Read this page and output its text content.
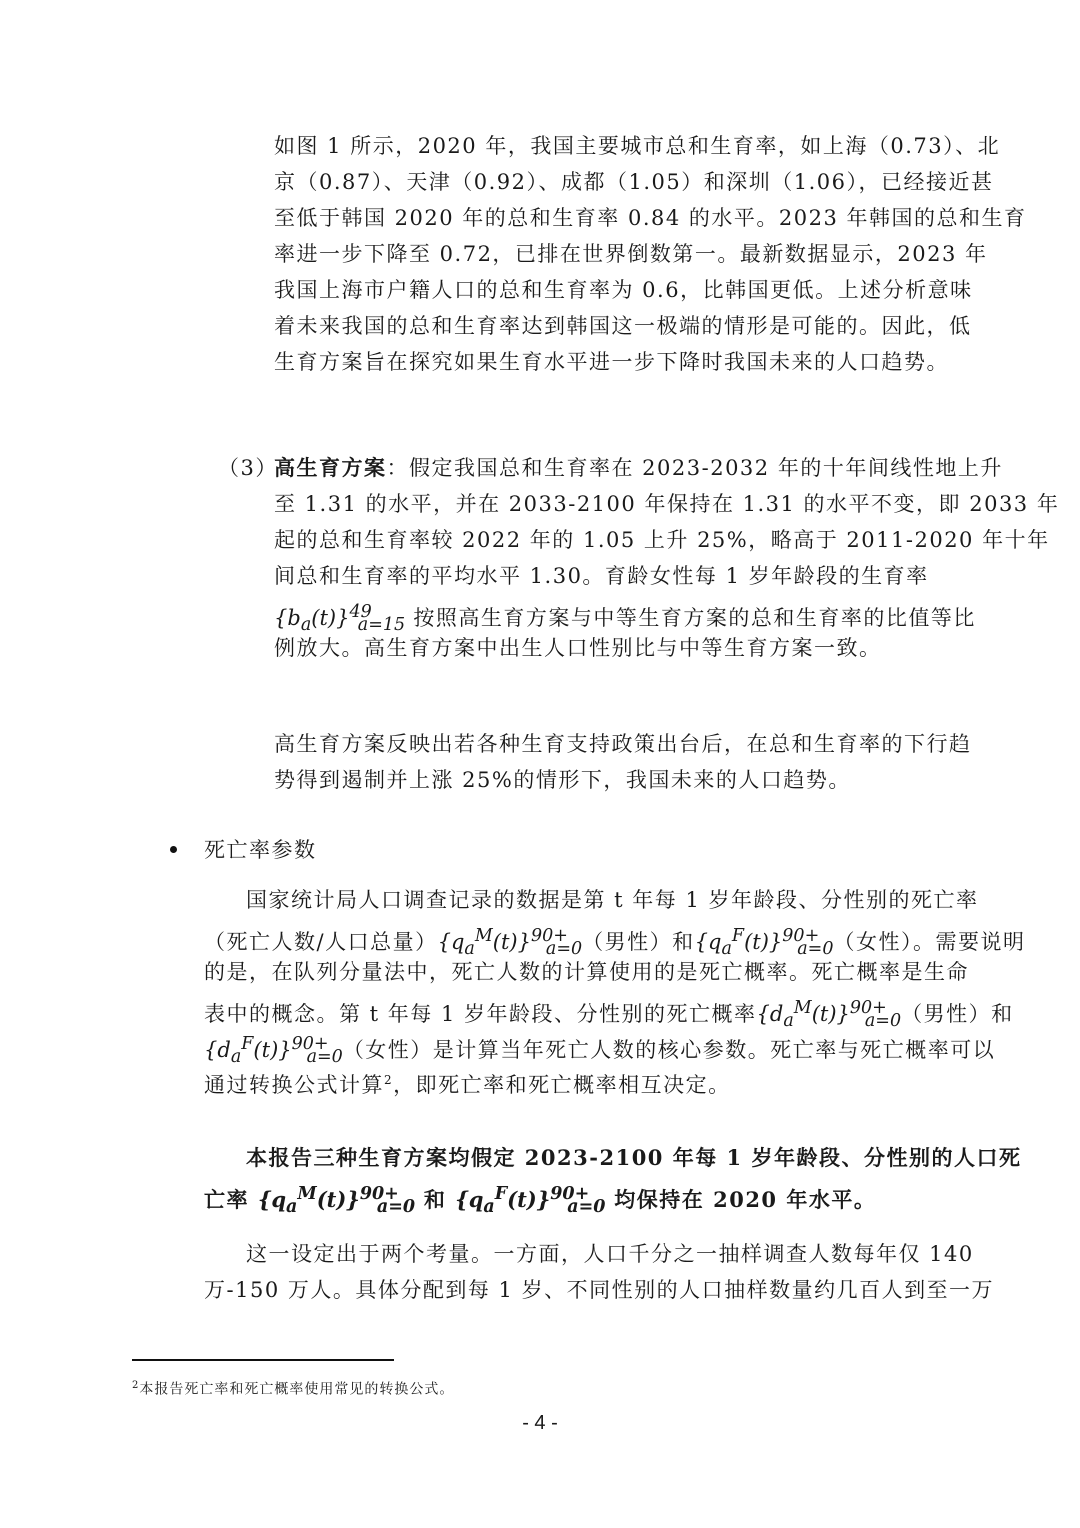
如图 1 所示，2020 年，我国主要城市总和生育率，如上海（0.73）、北
京（0.87）、天津（0.92）、成都（1.05）和深圳（1.06），已经接近甚
至低于韩国 2020 年的总和生育率 0.84 的水平。2023 年韩国的总和生育
率进一步下降至 0.72，已排在世界倒数第一。最新数据显示，2023 年
我国上海市户籍人口的总和生育率为 0.6，比韩国更低。上述分析意味
着未来我国的总和生育率达到韩国这一极端的情形是可能的。因此，低
生育方案旨在探究如果生育水平进一步下降时我国未来的人口趋势。
（3）
高生育方案：假定我国总和生育率在 2023-2032 年的十年间线性地上升
至 1.31 的水平，并在 2033-2100 年保持在 1.31 的水平不变，即 2033 年
起的总和生育率较 2022 年的 1.05 上升 25%，略高于 2011-2020 年十年
间总和生育率的平均水平 1.30。育龄女性每 1 岁年龄段的生育率
$\{b_a(t)\}^{49}_{a=15}$ 按照高生育方案与中等生育方案的总和生育率的比值等比
例放大。高生育方案中出生人口性别比与中等生育方案一致。
高生育方案反映出若各种生育支持政策出台后，在总和生育率的下行趋
势得到遏制并上涨 25%的情形下，我国未来的人口趋势。
死亡率参数
国家统计局人口调查记录的数据是第 t 年每 1 岁年龄段、分性别的死亡率
（死亡人数/人口总量）$\{q_a^M(t)\}^{90+}_{a=0}$（男性）和$\{q_a^F(t)\}^{90+}_{a=0}$（女性）。需要说明
的是，在队列分量法中，死亡人数的计算使用的是死亡概率。死亡概率是生命
表中的概念。第 t 年每 1 岁年龄段、分性别的死亡概率$\{d_a^M(t)\}^{90+}_{a=0}$（男性）和
$\{d_a^F(t)\}^{90+}_{a=0}$（女性）是计算当年死亡人数的核心参数。死亡率与死亡概率可以
通过转换公式计算$^2$，即死亡率和死亡概率相互决定。
本报告三种生育方案均假定 2023-2100 年每 1 岁年龄段、分性别的人口死
亡率 $\{q_a^M(t)\}^{90+}_{a=0}$ 和 $\{q_a^F(t)\}^{90+}_{a=0}$ 均保持在 2020 年水平。
这一设定出于两个考量。一方面，人口千分之一抽样调查人数每年仅 140
万-150 万人。具体分配到每 1 岁、不同性别的人口抽样数量约几百人到至一万
$^2$本报告死亡率和死亡概率使用常见的转换公式。
- 4 -
